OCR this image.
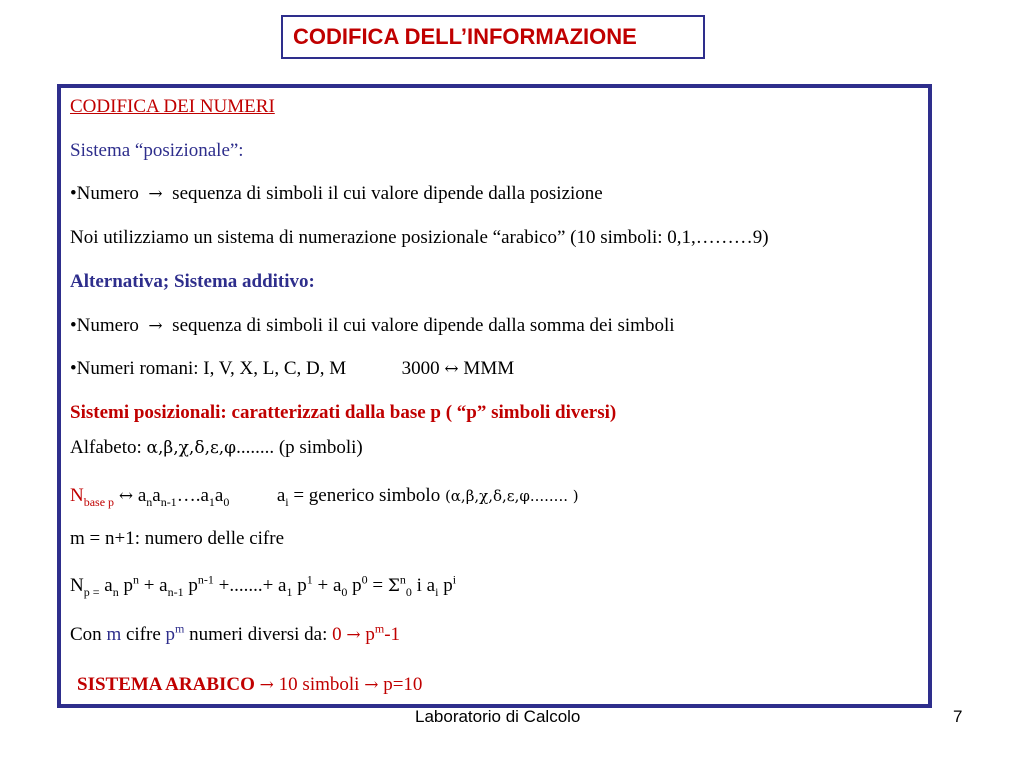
CODIFICA DELL’INFORMAZIONE
CODIFICA DEI NUMERI
Sistema “posizionale”:
•Numero → sequenza di simboli il cui valore dipende dalla posizione
Noi utilizziamo un sistema di numerazione posizionale “arabico” (10 simboli: 0,1,………9)
Alternativa; Sistema additivo:
•Numero → sequenza di simboli il cui valore dipende dalla somma dei simboli
•Numeri romani: I, V, X, L, C, D, M	3000 ↔ MMM
Sistemi posizionali: caratterizzati dalla base p ( “p” simboli diversi)
Alfabeto: α,β,χ,δ,ε,φ........ (p simboli)
$N_{base p}$ ↔ $a_na_{n-1}\dots.a_1a_0$	$a_i$ = generico simbolo (α,β,χ,δ,ε,φ........ )
m = n+1: numero delle cifre
$N_{p =}$ $a_n$ $p^n + a_{n-1}$ $p^{n-1}$ +.......+ $a_1$ $p^1 + a_0$ $p^0 = \Sigma^n_0$ i $a_i$ $p^i$
Con m cifre $p^m$ numeri diversi da: $0 \to p^m-1$
SISTEMA ARABICO → 10 simboli → p=10
Laboratorio di Calcolo	7
